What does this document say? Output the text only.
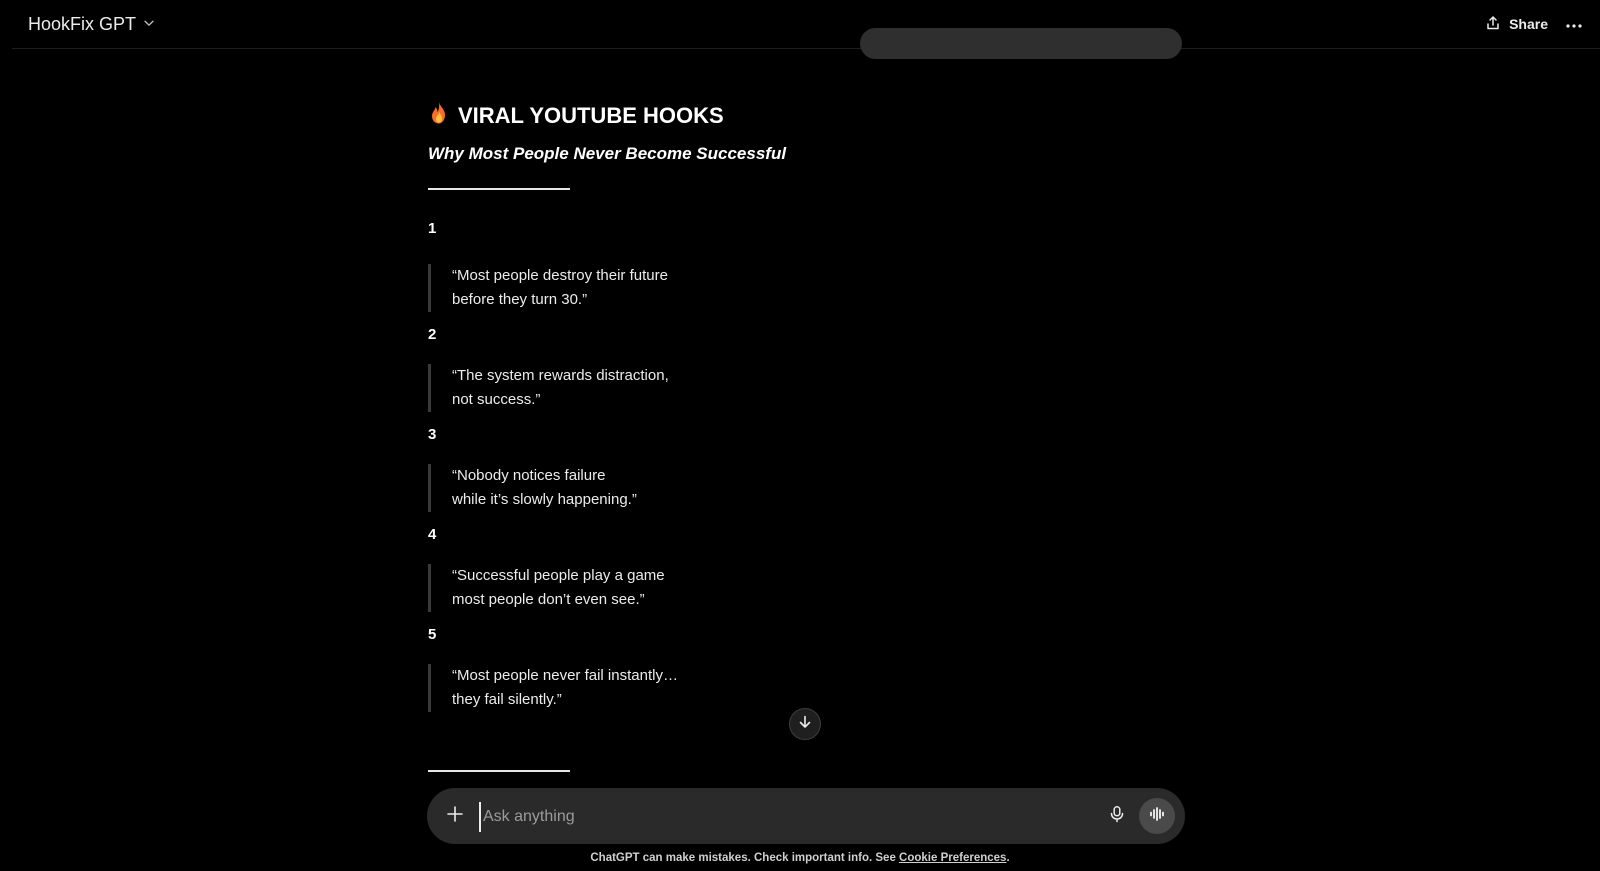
HookFix GPT	Share
VIRAL YOUTUBE HOOKS
Why Most People Never Become Successful
1
“Most people destroy their future
before they turn 30.”
2
“The system rewards distraction,
not success.”
3
“Nobody notices failure
while it’s slowly happening.”
4
“Successful people play a game
most people don’t even see.”
5
“Most people never fail instantly…
they fail silently.”
Ask anything
ChatGPT can make mistakes. Check important info. See Cookie Preferences.
